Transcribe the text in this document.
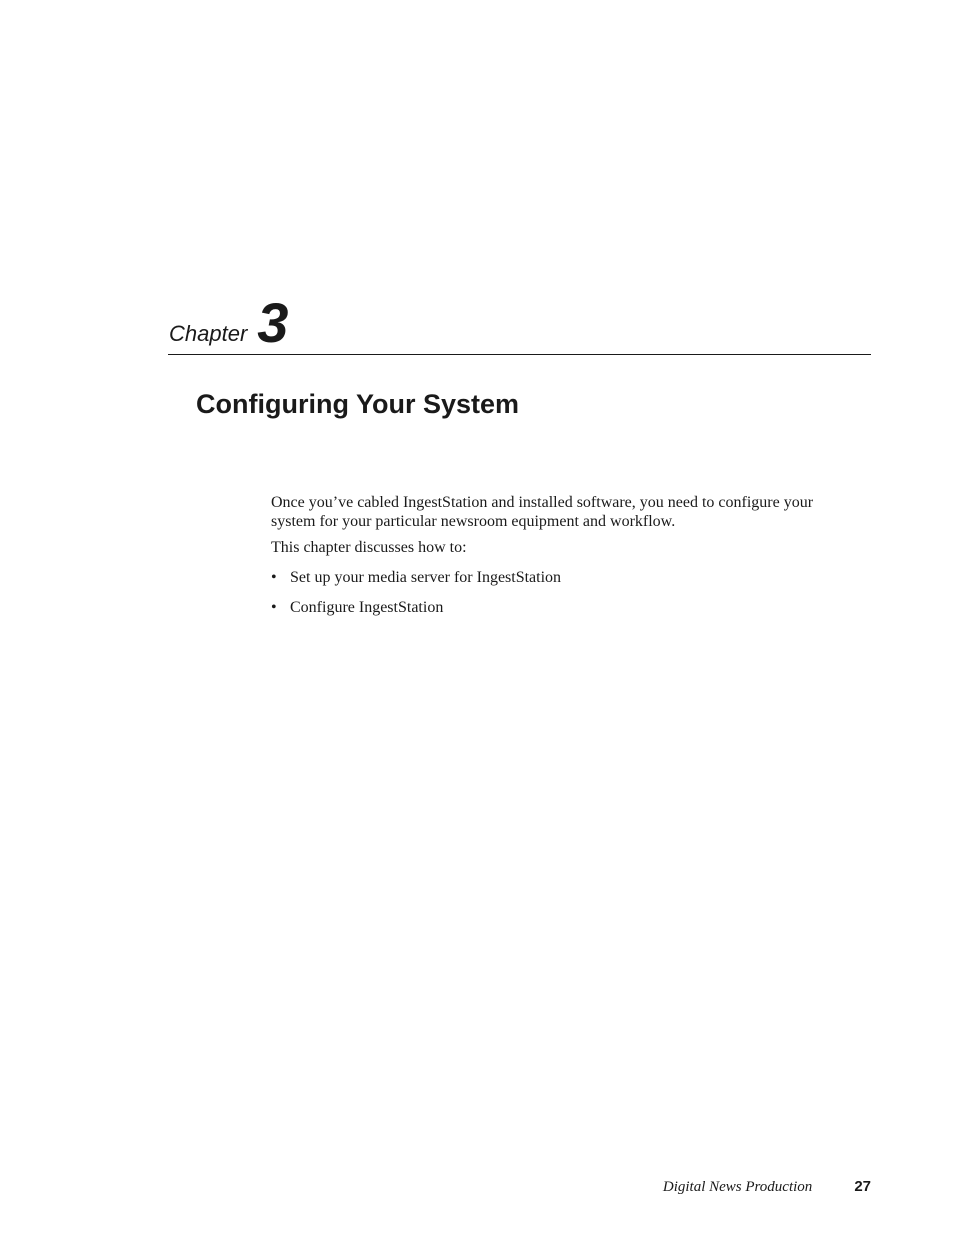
Chapter 3
Configuring Your System

Once you’ve cabled IngestStation and installed software, you need to configure your system for your particular newsroom equipment and workflow.

This chapter discusses how to:

• Set up your media server for IngestStation
• Configure IngestStation
Digital News Production	27
